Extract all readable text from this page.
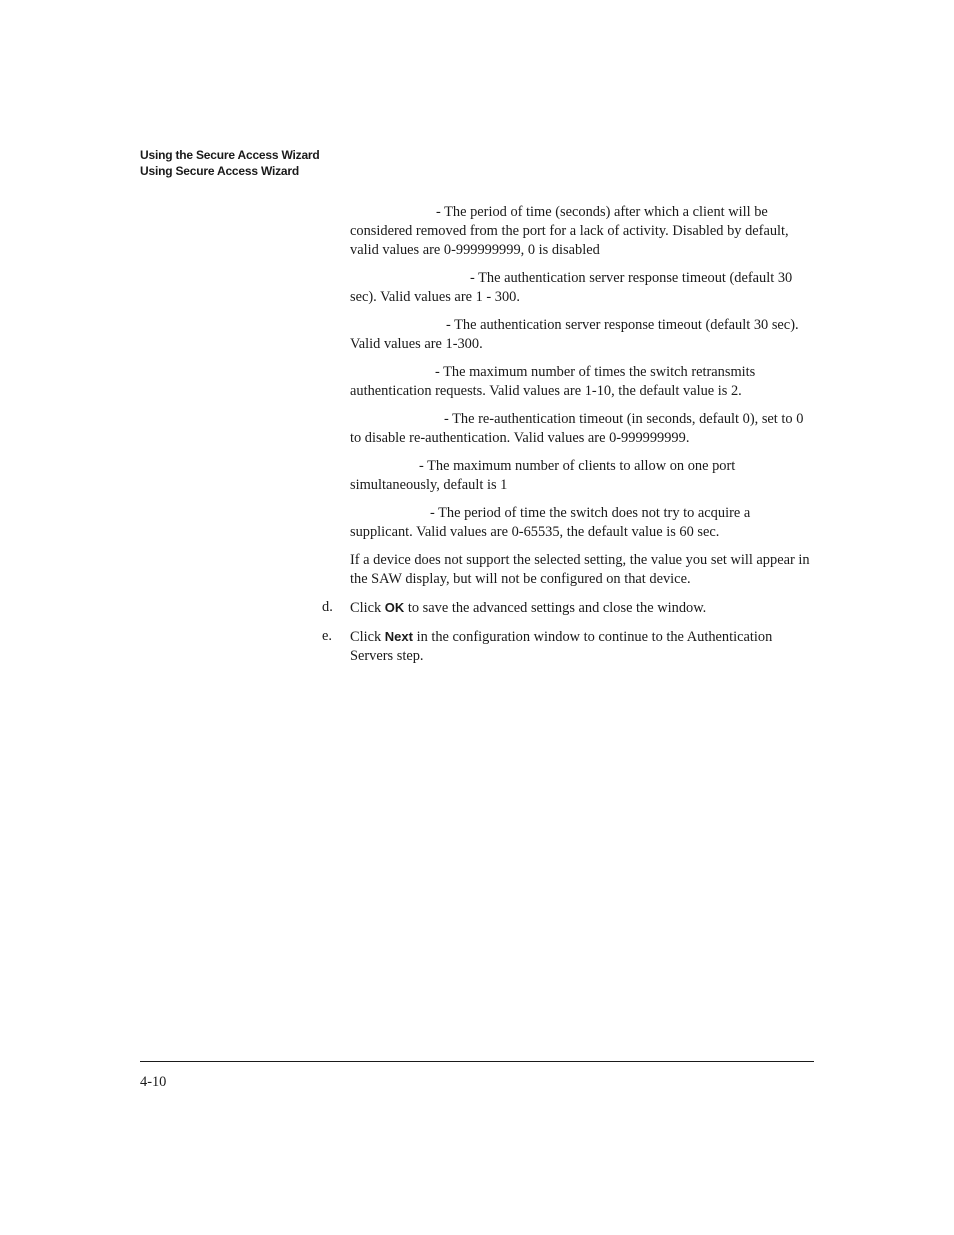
Using the Secure Access Wizard
Using Secure Access Wizard

- The period of time (seconds) after which a client will be considered removed from the port for a lack of activity. Disabled by default, valid values are 0-999999999, 0 is disabled

- The authentication server response timeout (default 30 sec). Valid values are 1 - 300.

- The authentication server response timeout (default 30 sec). Valid values are 1-300.

- The maximum number of times the switch retransmits authentication requests. Valid values are 1-10, the default value is 2.

- The re-authentication timeout (in seconds, default 0), set to 0 to disable re-authentication. Valid values are 0-999999999.

- The maximum number of clients to allow on one port simultaneously, default is 1

- The period of time the switch does not try to acquire a supplicant. Valid values are 0-65535, the default value is 60 sec.

If a device does not support the selected setting, the value you set will appear in the SAW display, but will not be configured on that device.

d. Click OK to save the advanced settings and close the window.
e. Click Next in the configuration window to continue to the Authentication Servers step.
4-10
